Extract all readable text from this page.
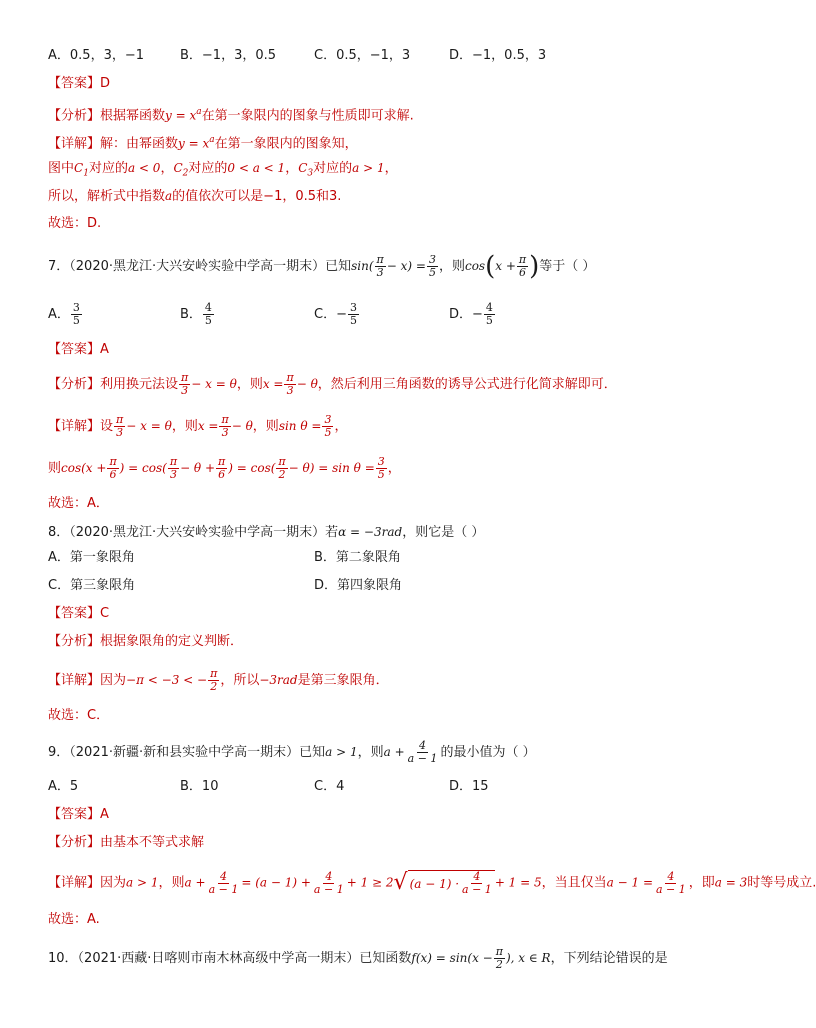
A．0.5，3，−1	B．−1，3，0.5	C．0.5，−1，3	D．−1，0.5，3
【答案】D
【分析】根据幂函数$y = x^a$在第一象限内的图象与性质即可求解.
【详解】解：由幂函数$y = x^a$在第一象限内的图象知，
图中$C_1$对应的a < 0，$C_2$对应的0 < a < 1，$C_3$对应的a > 1，
所以，解析式中指数a的值依次可以是−1，0.5和3.
故选：D.
7．（2020·黑龙江·大兴安岭实验中学高一期末）已知$\sin( \frac{\pi}{3} - x) = \frac{3}{5}$ ，则$\cos(x + \frac{\pi}{6}$ )等于（ ）
A． $\frac{3}{5}$	B． $\frac{4}{5}$	C．− $\frac{3}{5}$	D．− $\frac{4}{5}$
【答案】A
【分析】利用换元法设 $\frac{\pi}{3} - x = \theta$，则$x = \frac{\pi}{3} - \theta$，然后利用三角函数的诱导公式进行化简求解即可．
【详解】设 $\frac{\pi}{3} - x = \theta$，则$x = \frac{\pi}{3} - \theta$，则$\sin \theta = \frac{3}{5}$ ，
则$\cos(x + \frac{\pi}{6}$ ) = $\cos( \frac{\pi}{3} - \theta + \frac{\pi}{6}$ ) = $\cos( \frac{\pi}{2} - \theta) = \sin \theta = \frac{3}{5}$ ，
故选：A．
8．（2020·黑龙江·大兴安岭实验中学高一期末）若α = −3rad，则它是（ ）
A．第一象限角	B．第二象限角
C．第三象限角	D．第四象限角
【答案】C
【分析】根据象限角的定义判断．
【详解】因为−π < −3 < − $\frac{\pi}{2}$ ，所以−3rad是第三象限角．
故选：C．
9．（2021·新疆·新和县实验中学高一期末）已知a > 1，则$a + \frac{4}{a - 1}$ 的最小值为（ ）
A．5	B．10	C．4	D．15
【答案】A
【分析】由基本不等式求解
【详解】因为a > 1，则$a + \frac{4}{a - 1} = (a - 1) + \frac{4}{a - 1} + 1 \ge 2$ √ $(a - 1) \cdot \frac{4}{a - 1} + 1 = 5$，当且仅当$a - 1 = \frac{4}{a - 1}$ ，即a = 3时等号成立.
故选：A.
10．（2021·西藏·日喀则市南木林高级中学高一期末）已知函数$f(x) = \sin(x - \frac{\pi}{2}$ ), x ∈ R，下列结论错误的是
